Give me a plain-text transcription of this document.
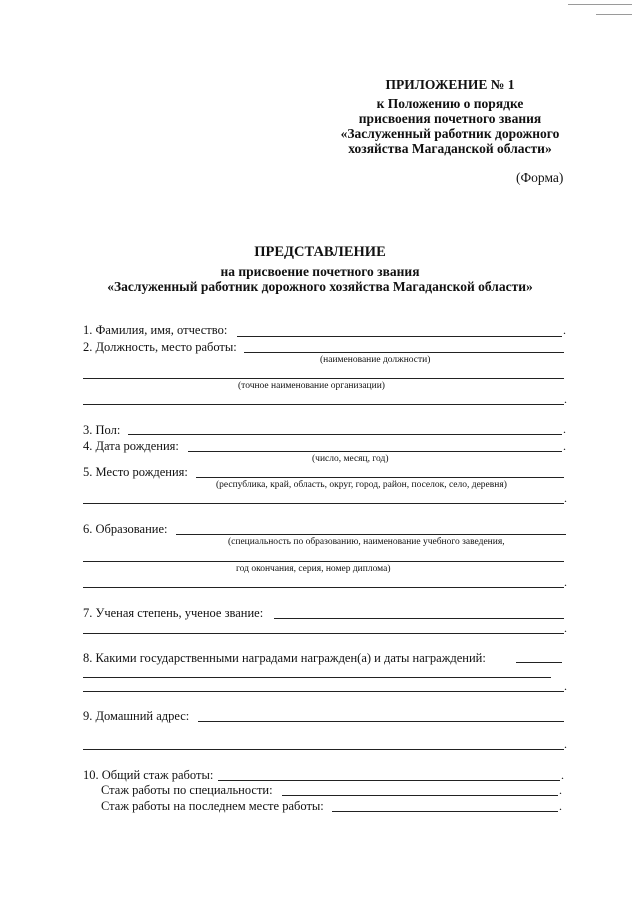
ПРИЛОЖЕНИЕ № 1
к Положению о порядке
присвоения почетного звания
«Заслуженный работник дорожного
хозяйства Магаданской области»
(Форма)
ПРЕДСТАВЛЕНИЕ
на присвоение почетного звания
«Заслуженный работник дорожного хозяйства Магаданской области»
1. Фамилия, имя, отчество:	.
2. Должность, место работы:
(наименование должности)
(точное наименование организации)
.
3. Пол:	.
4. Дата рождения:	.
(число, месяц, год)
5. Место рождения:
(республика, край, область, округ, город, район, поселок, село, деревня)
.
6. Образование:
(специальность по образованию, наименование учебного заведения,
год окончания, серия, номер диплома)
.
7. Ученая степень, ученое звание:
.
8. Какими государственными наградами награжден(а) и даты награждений:
.
9. Домашний адрес:
.
10. Общий стаж работы:	.
Стаж работы по специальности:	.
Стаж работы на последнем месте работы:	.
